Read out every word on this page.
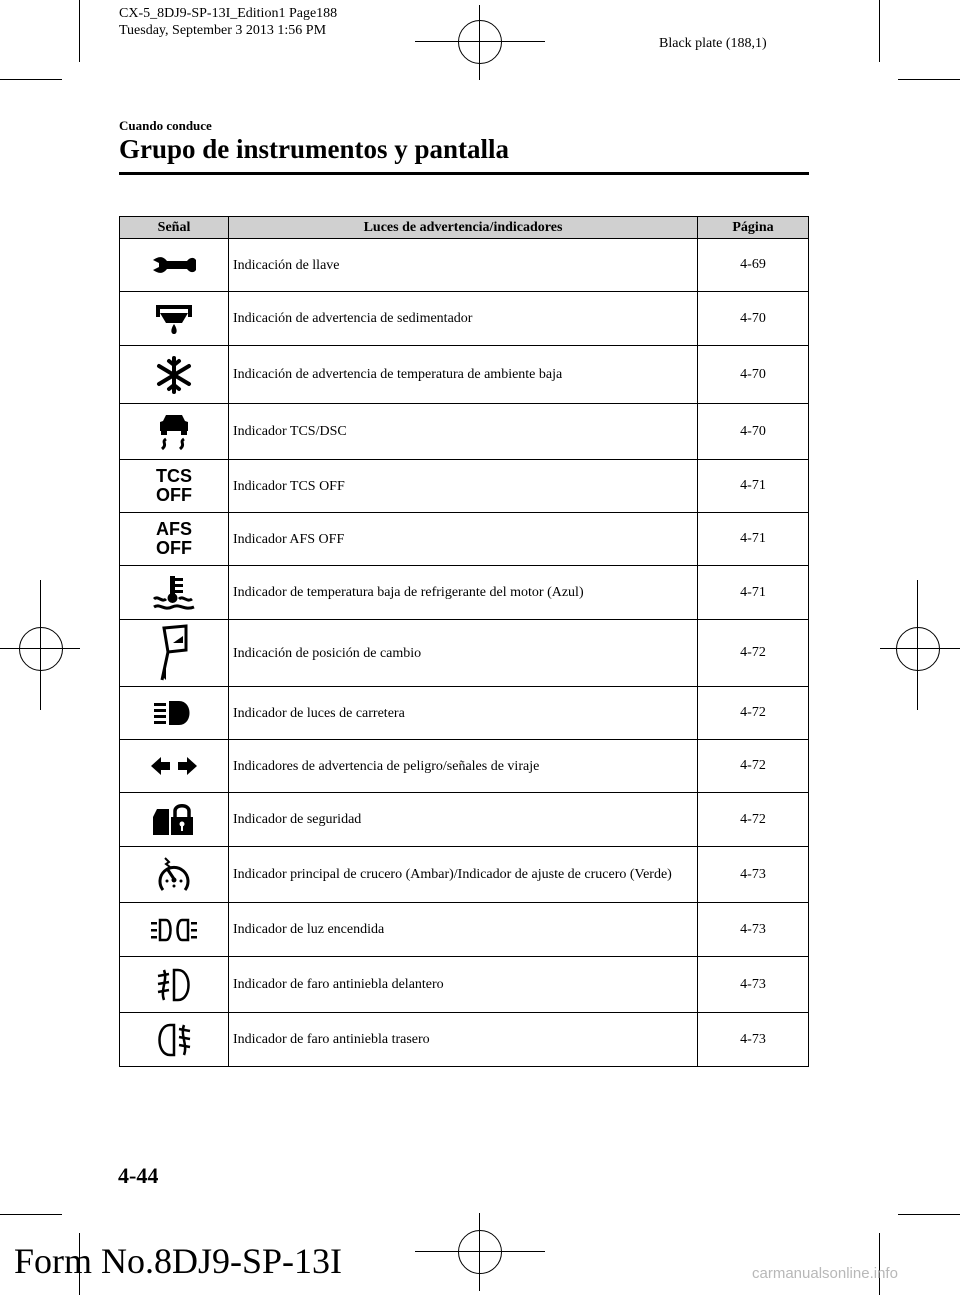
CX-5_8DJ9-SP-13I_Edition1 Page188
Tuesday, September 3 2013 1:56 PM
Black plate (188,1)
Cuando conduce
Grupo de instrumentos y pantalla
Señal	Luces de advertencia/indicadores	Página

	Indicación de llave	4-69

	Indicación de advertencia de sedimentador	4-70

	Indicación de advertencia de temperatura de ambiente baja	4-70

	Indicador TCS/DSC	4-70

TCS
OFF	Indicador TCS OFF	4-71

AFS
OFF	Indicador AFS OFF	4-71

	Indicador de temperatura baja de refrigerante del motor (Azul)	4-71

	Indicación de posición de cambio	4-72

	Indicador de luces de carretera	4-72

	Indicadores de advertencia de peligro/señales de viraje	4-72

	Indicador de seguridad	4-72

	Indicador principal de crucero (Ambar)/Indicador de ajuste de crucero (Verde)	4-73

	Indicador de luz encendida	4-73

	Indicador de faro antiniebla delantero	4-73

	Indicador de faro antiniebla trasero	4-73
4-44
Form No.8DJ9-SP-13I	carmanualsonline.info
